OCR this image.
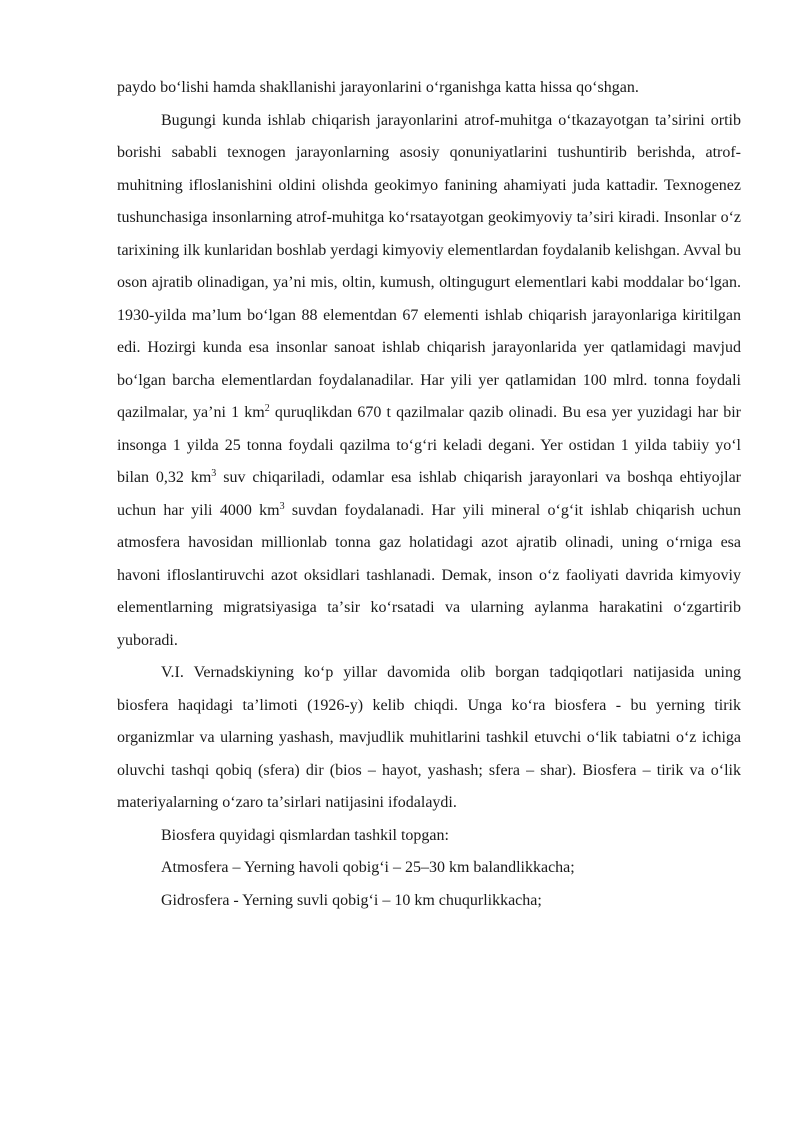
paydo boʻlishi hamda shakllanishi jarayonlarini oʻrganishga katta hissa qoʻshgan.

Bugungi kunda ishlab chiqarish jarayonlarini atrof-muhitga oʻtkazayotgan taʼsirini ortib borishi sababli texnogen jarayonlarning asosiy qonuniyatlarini tushuntirib berishda, atrof-muhitning ifloslanishini oldini olishda geokimyo fanining ahamiyati juda kattadir. Texnogenez tushunchasiga insonlarning atrof-muhitga koʻrsatayotgan geokimyoviy taʼsiri kiradi. Insonlar oʻz tarixining ilk kunlaridan boshlab yerdagi kimyoviy elementlardan foydalanib kelishgan. Avval bu oson ajratib olinadigan, yaʼni mis, oltin, kumush, oltingugurt elementlari kabi moddalar boʻlgan. 1930-yilda maʼlum boʻlgan 88 elementdan 67 elementi ishlab chiqarish jarayonlariga kiritilgan edi. Hozirgi kunda esa insonlar sanoat ishlab chiqarish jarayonlarida yer qatlamidagi mavjud boʻlgan barcha elementlardan foydalanadilar. Har yili yer qatlamidan 100 mlrd. tonna foydali qazilmalar, yaʼni 1 $km^2$ quruqlikdan 670 t qazilmalar qazib olinadi. Bu esa yer yuzidagi har bir insonga 1 yilda 25 tonna foydali qazilma toʻgʻri keladi degani. Yer ostidan 1 yilda tabiiy yoʻl bilan 0,32 $km^3$ suv chiqariladi, odamlar esa ishlab chiqarish jarayonlari va boshqa ehtiyojlar uchun har yili 4000 $km^3$ suvdan foydalanadi. Har yili mineral oʻgʻit ishlab chiqarish uchun atmosfera havosidan millionlab tonna gaz holatidagi azot ajratib olinadi, uning oʻrniga esa havoni ifloslantiruvchi azot oksidlari tashlanadi. Demak, inson oʻz faoliyati davrida kimyoviy elementlarning migratsiyasiga taʼsir koʻrsatadi va ularning aylanma harakatini oʻzgartirib yuboradi.

V.I. Vernadskiyning koʻp yillar davomida olib borgan tadqiqotlari natijasida uning biosfera haqidagi taʼlimoti (1926-y) kelib chiqdi. Unga koʻra biosfera - bu yerning tirik organizmlar va ularning yashash, mavjudlik muhitlarini tashkil etuvchi oʻlik tabiatni oʻz ichiga oluvchi tashqi qobiq (sfera) dir (bios – hayot, yashash; sfera – shar). Biosfera – tirik va oʻlik materiyalarning oʻzaro taʼsirlari natijasini ifodalaydi.

Biosfera quyidagi qismlardan tashkil topgan:

Atmosfera – Yerning havoli qobigʻi – 25–30 km balandlikkacha;

Gidrosfera - Yerning suvli qobigʻi – 10 km chuqurlikkacha;
